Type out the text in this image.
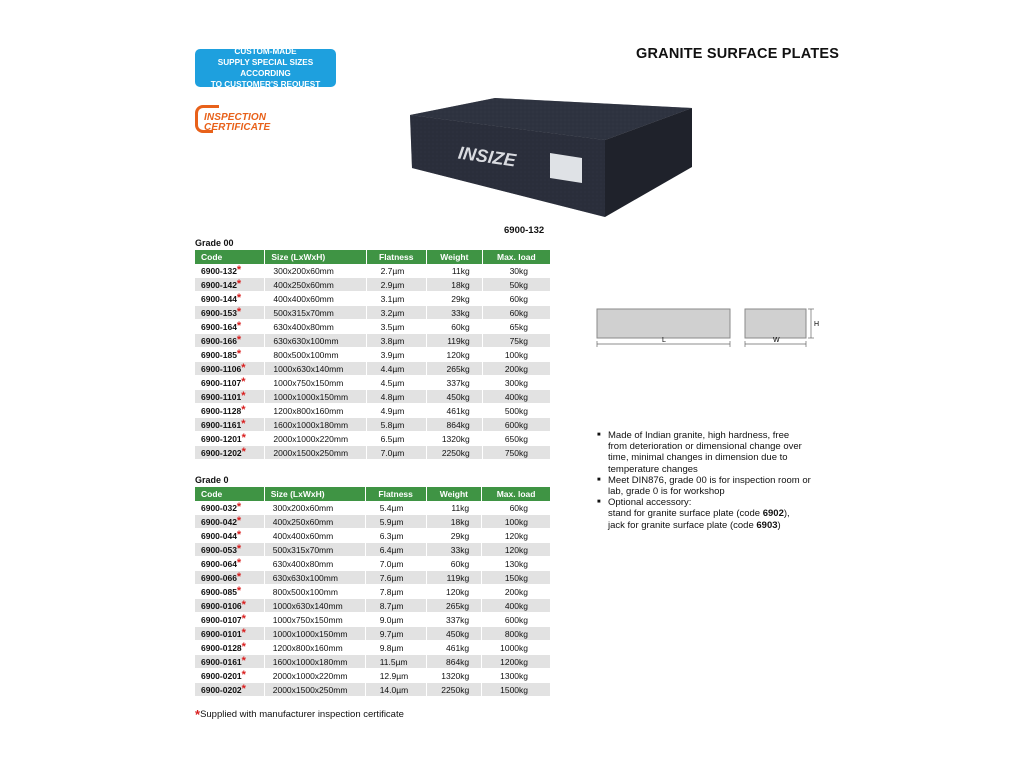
CUSTOM-MADE
SUPPLY SPECIAL SIZES ACCORDING
TO CUSTOMER'S REQUEST
INSPECTION
CERTIFICATE
GRANITE SURFACE PLATES
INSIZE
6900-132
Grade 00
Code	Size (LxWxH)	Flatness	Weight	Max. load
6900-132*	300x200x60mm	2.7µm	11kg	30kg
6900-142*	400x250x60mm	2.9µm	18kg	50kg
6900-144*	400x400x60mm	3.1µm	29kg	60kg
6900-153*	500x315x70mm	3.2µm	33kg	60kg
6900-164*	630x400x80mm	3.5µm	60kg	65kg
6900-166*	630x630x100mm	3.8µm	119kg	75kg
6900-185*	800x500x100mm	3.9µm	120kg	100kg
6900-1106*	1000x630x140mm	4.4µm	265kg	200kg
6900-1107*	1000x750x150mm	4.5µm	337kg	300kg
6900-1101*	1000x1000x150mm	4.8µm	450kg	400kg
6900-1128*	1200x800x160mm	4.9µm	461kg	500kg
6900-1161*	1600x1000x180mm	5.8µm	864kg	600kg
6900-1201*	2000x1000x220mm	6.5µm	1320kg	650kg
6900-1202*	2000x1500x250mm	7.0µm	2250kg	750kg
Grade 0
Code	Size (LxWxH)	Flatness	Weight	Max. load
6900-032*	300x200x60mm	5.4µm	11kg	60kg
6900-042*	400x250x60mm	5.9µm	18kg	100kg
6900-044*	400x400x60mm	6.3µm	29kg	120kg
6900-053*	500x315x70mm	6.4µm	33kg	120kg
6900-064*	630x400x80mm	7.0µm	60kg	130kg
6900-066*	630x630x100mm	7.6µm	119kg	150kg
6900-085*	800x500x100mm	7.8µm	120kg	200kg
6900-0106*	1000x630x140mm	8.7µm	265kg	400kg
6900-0107*	1000x750x150mm	9.0µm	337kg	600kg
6900-0101*	1000x1000x150mm	9.7µm	450kg	800kg
6900-0128*	1200x800x160mm	9.8µm	461kg	1000kg
6900-0161*	1600x1000x180mm	11.5µm	864kg	1200kg
6900-0201*	2000x1000x220mm	12.9µm	1320kg	1300kg
6900-0202*	2000x1500x250mm	14.0µm	2250kg	1500kg
*Supplied with manufacturer inspection certificate
L	W
H
■ Made of Indian granite, high hardness, free
from deterioration or dimensional change over
time, minimal changes in dimension due to
temperature changes
■ Meet DIN876, grade 00 is for inspection room or
lab, grade 0 is for workshop
■ Optional accessory:
stand for granite surface plate (code 6902),
jack for granite surface plate (code 6903)
